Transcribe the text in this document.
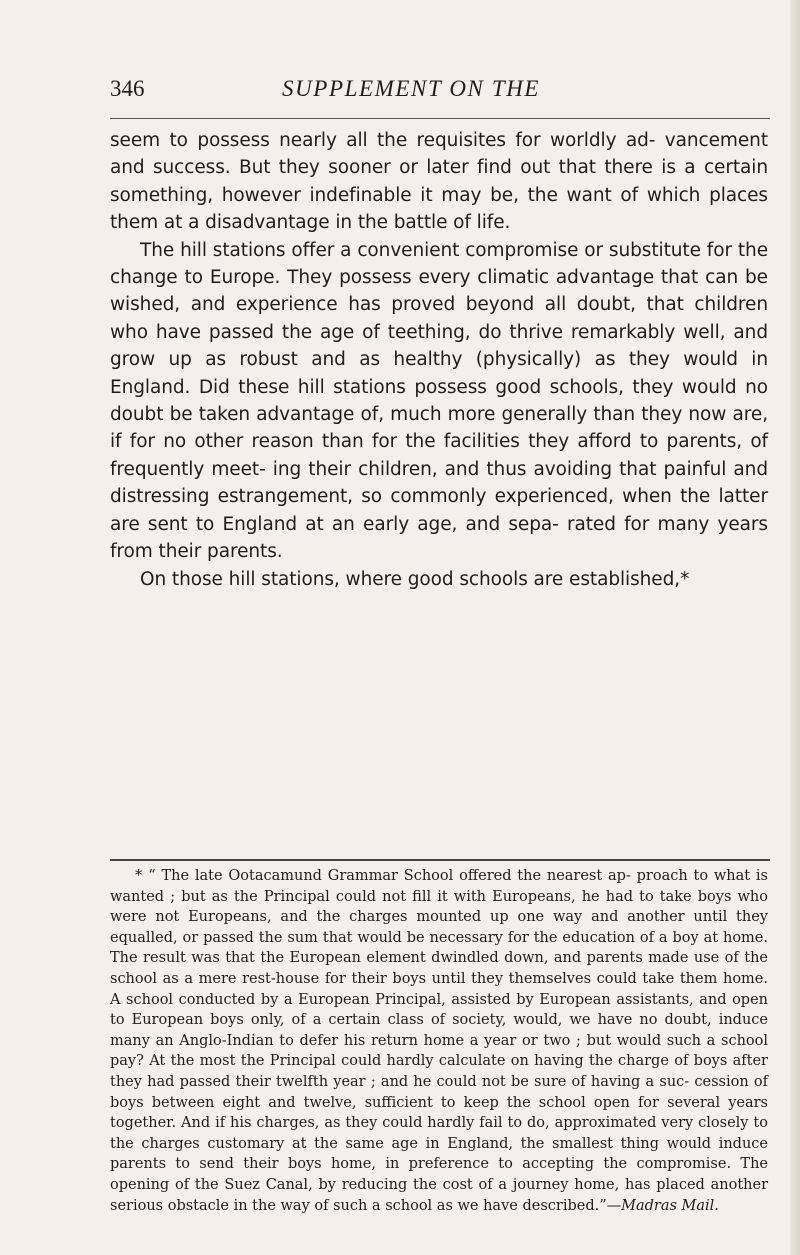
346	SUPPLEMENT ON THE

seem to possess nearly all the requisites for worldly ad- vancement and success. But they sooner or later find out that there is a certain something, however indefinable it may be, the want of which places them at a disadvantage in the battle of life.

The hill stations offer a convenient compromise or substitute for the change to Europe. They possess every climatic advantage that can be wished, and experience has proved beyond all doubt, that children who have passed the age of teething, do thrive remarkably well, and grow up as robust and as healthy (physically) as they would in England. Did these hill stations possess good schools, they would no doubt be taken advantage of, much more generally than they now are, if for no other reason than for the facilities they afford to parents, of frequently meet- ing their children, and thus avoiding that painful and distressing estrangement, so commonly experienced, when the latter are sent to England at an early age, and sepa- rated for many years from their parents.

On those hill stations, where good schools are established,*

* “ The late Ootacamund Grammar School offered the nearest ap- proach to what is wanted ; but as the Principal could not fill it with Europeans, he had to take boys who were not Europeans, and the charges mounted up one way and another until they equalled, or passed the sum that would be necessary for the education of a boy at home. The result was that the European element dwindled down, and parents made use of the school as a mere rest-house for their boys until they themselves could take them home. A school conducted by a European Principal, assisted by European assistants, and open to European boys only, of a certain class of society, would, we have no doubt, induce many an Anglo-Indian to defer his return home a year or two ; but would such a school pay? At the most the Principal could hardly calculate on having the charge of boys after they had passed their twelfth year ; and he could not be sure of having a suc- cession of boys between eight and twelve, sufficient to keep the school open for several years together. And if his charges, as they could hardly fail to do, approximated very closely to the charges customary at the same age in England, the smallest thing would induce parents to send their boys home, in preference to accepting the compromise. The opening of the Suez Canal, by reducing the cost of a journey home, has placed another serious obstacle in the way of such a school as we have described.”—Madras Mail.
